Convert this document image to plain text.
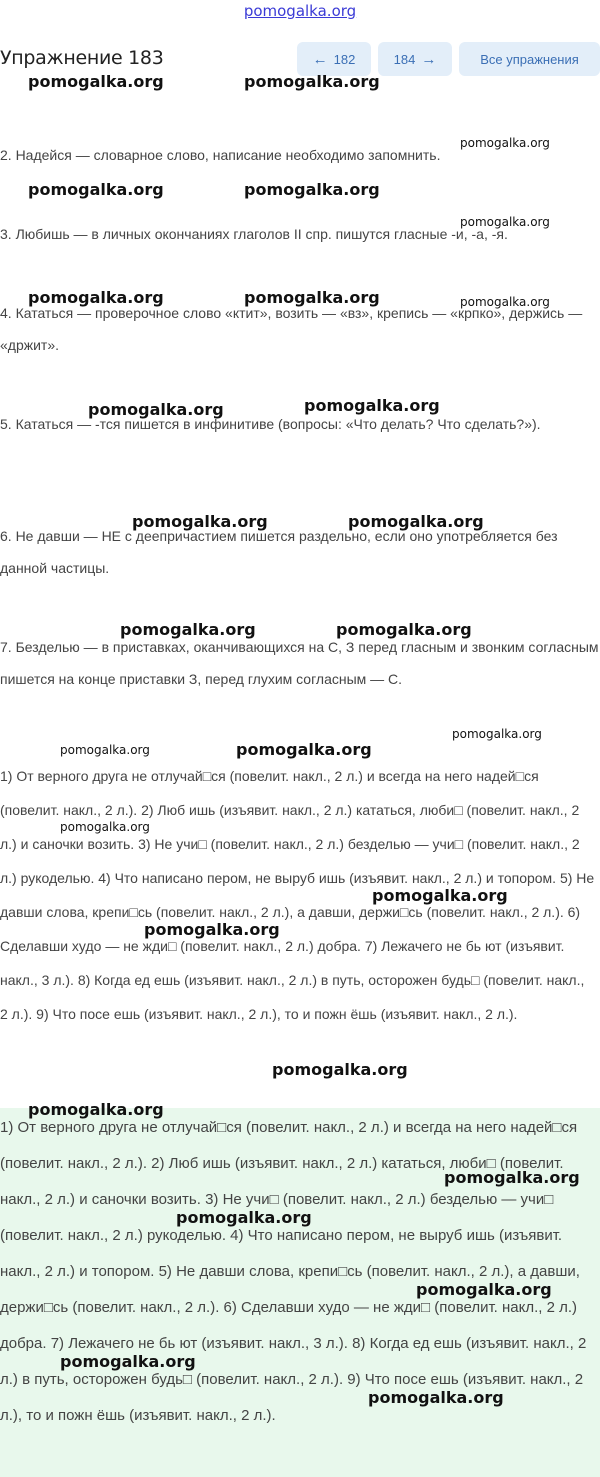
pomogalka.org
Упражнение 183	← 182	184 →	Все упражнения
pomogalka.org	pomogalka.org
pomogalka.org
pomogalka.org	pomogalka.org
pomogalka.org
pomogalka.org	pomogalka.org	pomogalka.org
pomogalka.org	pomogalka.org
pomogalka.org	pomogalka.org
pomogalka.org	pomogalka.org
pomogalka.org	pomogalka.org
pomogalka.org
2. Надейся — словарное слово, написание необходимо запомнить.
3. Любишь — в личных окончаниях глаголов II спр. пишутся гласные -и, -а, -я.
4. Кататься — проверочное слово «ктит», возить — «вз», крепись — «крпко», держись — «држит».
5. Кататься — -тся пишется в инфинитиве (вопросы: «Что делать? Что сделать?»).
6. Не давши — НЕ с деепричастием пишется раздельно, если оно употребляется без данной частицы.
7. Безделью — в приставках, оканчивающихся на С, З перед гласным и звонким согласным пишется на конце приставки З, перед глухим согласным — С.
1) От верного друга не отлучай□ся (повелит. накл., 2 л.) и всегда на него надей□ся (повелит. накл., 2 л.). 2) Люб ишь (изъявит. накл., 2 л.) кататься, люби□ (повелит. накл., 2 л.) и саночки возить. 3) Не учи□ (повелит. накл., 2 л.) безделью — учи□ (повелит. накл., 2 л.) рукоделью. 4) Что написано пером, не выруб ишь (изъявит. накл., 2 л.) и топором. 5) Не давши слова, крепи□сь (повелит. накл., 2 л.), а давши, держи□сь (повелит. накл., 2 л.). 6) Сделавши худо — не жди□ (повелит. накл., 2 л.) добра. 7) Лежачего не бь ют (изъявит. накл., 3 л.). 8) Когда ед ешь (изъявит. накл., 2 л.) в путь, осторожен будь□ (повелит. накл., 2 л.). 9) Что посе ешь (изъявит. накл., 2 л.), то и пожн ёшь (изъявит. накл., 2 л.).
pomogalka.org
pomogalka.org
pomogalka.org
pomogalka.org
1) От верного друга не отлучай□ся (повелит. накл., 2 л.) и всегда на него надей□ся (повелит. накл., 2 л.). 2) Люб ишь (изъявит. накл., 2 л.) кататься, люби□ (повелит. накл., 2 л.) и саночки возить. 3) Не учи□ (повелит. накл., 2 л.) безделью — учи□ (повелит. накл., 2 л.) рукоделью. 4) Что написано пером, не выруб ишь (изъявит. накл., 2 л.) и топором. 5) Не давши слова, крепи□сь (повелит. накл., 2 л.), а давши, держи□сь (повелит. накл., 2 л.). 6) Сделавши худо — не жди□ (повелит. накл., 2 л.) добра. 7) Лежачего не бь ют (изъявит. накл., 3 л.). 8) Когда ед ешь (изъявит. накл., 2 л.) в путь, осторожен будь□ (повелит. накл., 2 л.). 9) Что посе ешь (изъявит. накл., 2 л.), то и пожн ёшь (изъявит. накл., 2 л.).
pomogalka.org
pomogalka.org
pomogalka.org
pomogalka.org
pomogalka.org
pomogalka.org
